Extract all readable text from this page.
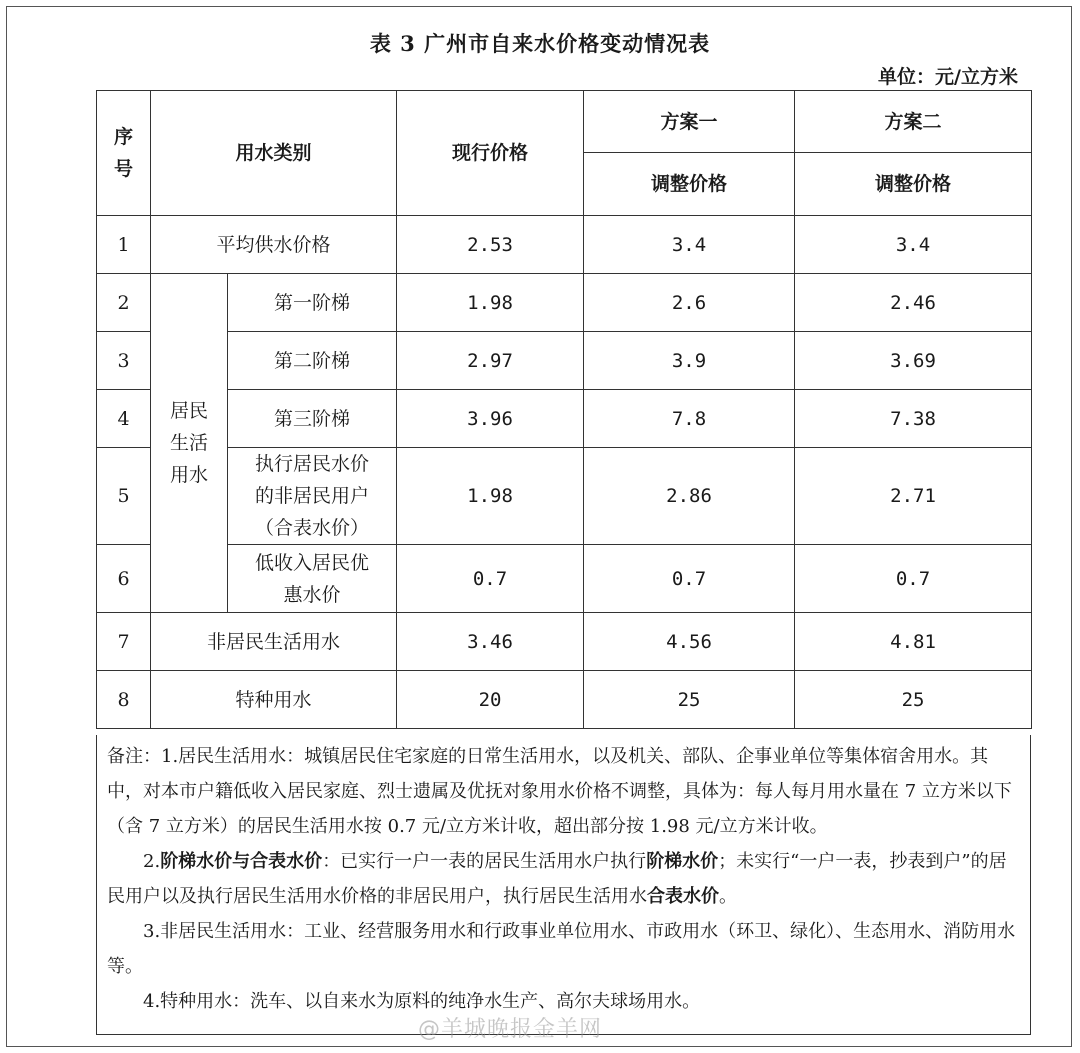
表 3 广州市自来水价格变动情况表
单位：元/立方米
序号	用水类别		现行价格	方案一	方案二
				调整价格	调整价格
1	平均供水价格		2.53	3.4	3.4
2	居民生活用水	第一阶梯	1.98	2.6	2.46
3		第二阶梯	2.97	3.9	3.69
4		第三阶梯	3.96	7.8	7.38
5		执行居民水价的非居民用户（合表水价）	1.98	2.86	2.71
6		低收入居民优惠水价	0.7	0.7	0.7
7	非居民生活用水		3.46	4.56	4.81
8	特种用水		20	25	25

备注：1.居民生活用水：城镇居民住宅家庭的日常生活用水，以及机关、部队、企事业单位等集体宿舍用水。其中，对本市户籍低收入居民家庭、烈士遗属及优抚对象用水价格不调整，具体为：每人每月用水量在 7 立方米以下（含 7 立方米）的居民生活用水按 0.7 元/立方米计收，超出部分按 1.98 元/立方米计收。

2.阶梯水价与合表水价：已实行一户一表的居民生活用水户执行阶梯水价；未实行“一户一表，抄表到户”的居民用户以及执行居民生活用水价格的非居民用户，执行居民生活用水合表水价。

3.非居民生活用水：工业、经营服务用水和行政事业单位用水、市政用水（环卫、绿化）、生态用水、消防用水等。

4.特种用水：洗车、以自来水为原料的纯净水生产、高尔夫球场用水。

@羊城晚报金羊网
